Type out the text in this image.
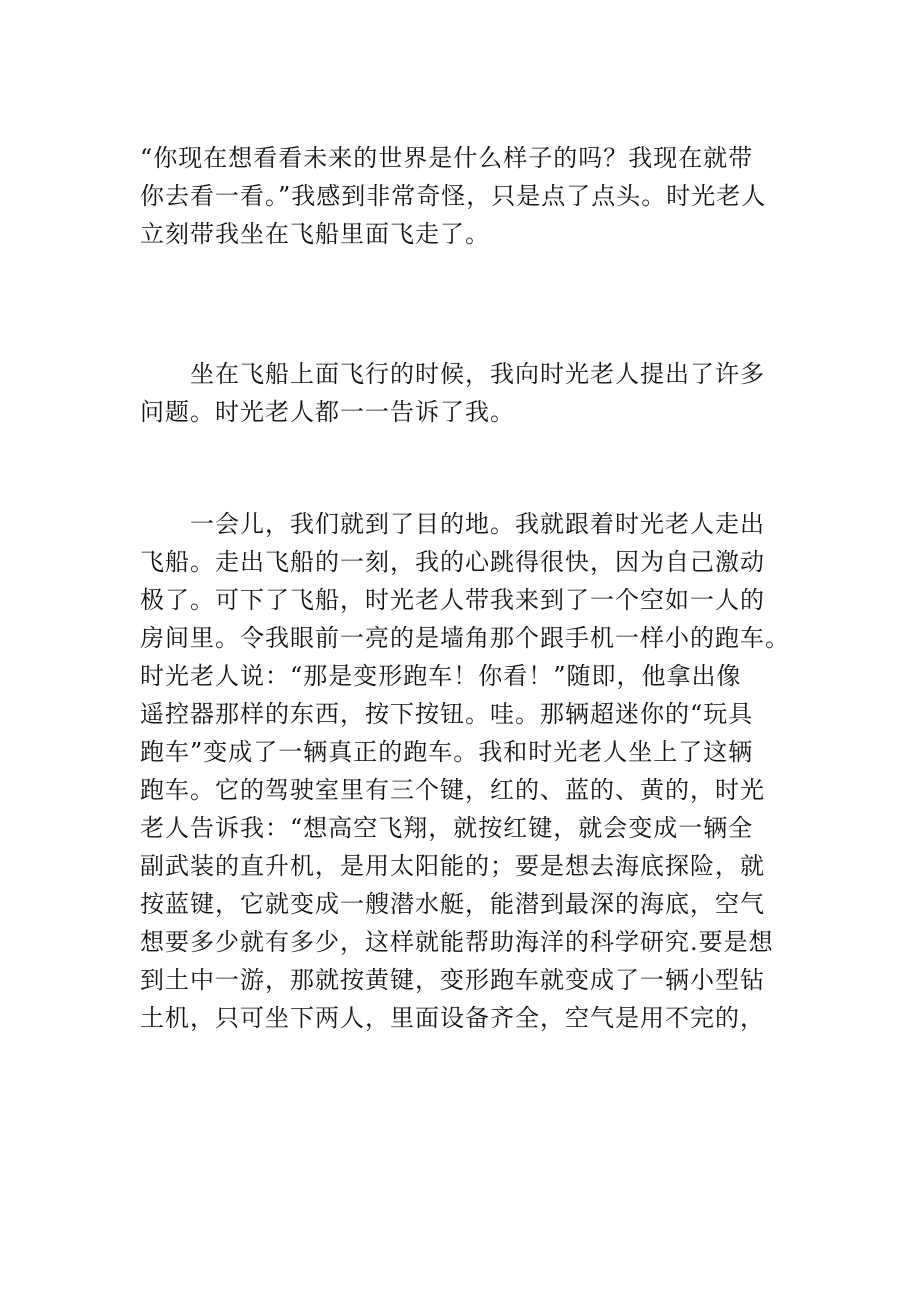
“你现在想看看未来的世界是什么样子的吗？我现在就带
你去看一看。”我感到非常奇怪，只是点了点头。时光老人
立刻带我坐在飞船里面飞走了。
　　坐在飞船上面飞行的时候，我向时光老人提出了许多
问题。时光老人都一一告诉了我。
　　一会儿，我们就到了目的地。我就跟着时光老人走出
飞船。走出飞船的一刻，我的心跳得很快，因为自己激动
极了。可下了飞船，时光老人带我来到了一个空如一人的
房间里。令我眼前一亮的是墙角那个跟手机一样小的跑车。
时光老人说：“那是变形跑车！你看！”随即，他拿出像
遥控器那样的东西，按下按钮。哇。那辆超迷你的“玩具
跑车”变成了一辆真正的跑车。我和时光老人坐上了这辆
跑车。它的驾驶室里有三个键，红的、蓝的、黄的，时光
老人告诉我：“想高空飞翔，就按红键，就会变成一辆全
副武装的直升机，是用太阳能的；要是想去海底探险，就
按蓝键，它就变成一艘潜水艇，能潜到最深的海底，空气
想要多少就有多少，这样就能帮助海洋的科学研究.要是想
到土中一游，那就按黄键，变形跑车就变成了一辆小型钻
土机，只可坐下两人，里面设备齐全，空气是用不完的，
